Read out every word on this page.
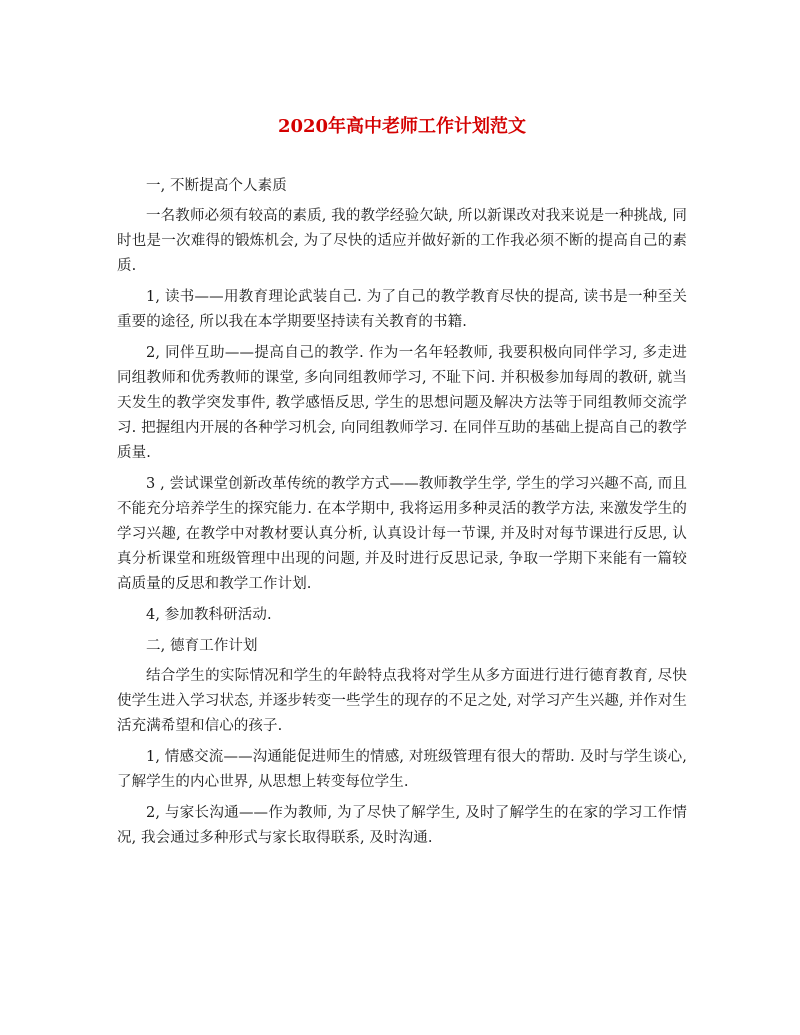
2020年高中老师工作计划范文

一, 不断提高个人素质

一名教师必须有较高的素质, 我的教学经验欠缺, 所以新课改对我来说是一种挑战, 同时也是一次难得的锻炼机会, 为了尽快的适应并做好新的工作我必须不断的提高自己的素质.

1, 读书——用教育理论武装自己. 为了自己的教学教育尽快的提高, 读书是一种至关重要的途径, 所以我在本学期要坚持读有关教育的书籍.

2, 同伴互助——提高自己的教学. 作为一名年轻教师, 我要积极向同伴学习, 多走进同组教师和优秀教师的课堂, 多向同组教师学习, 不耻下问. 并积极参加每周的教研, 就当天发生的教学突发事件, 教学感悟反思, 学生的思想问题及解决方法等于同组教师交流学习. 把握组内开展的各种学习机会, 向同组教师学习. 在同伴互助的基础上提高自己的教学质量.

3 , 尝试课堂创新改革传统的教学方式——教师教学生学, 学生的学习兴趣不高, 而且不能充分培养学生的探究能力. 在本学期中, 我将运用多种灵活的教学方法, 来激发学生的学习兴趣, 在教学中对教材要认真分析, 认真设计每一节课, 并及时对每节课进行反思, 认真分析课堂和班级管理中出现的问题, 并及时进行反思记录, 争取一学期下来能有一篇较高质量的反思和教学工作计划.

4, 参加教科研活动.

二, 德育工作计划

结合学生的实际情况和学生的年龄特点我将对学生从多方面进行进行德育教育, 尽快使学生进入学习状态, 并逐步转变一些学生的现存的不足之处, 对学习产生兴趣, 并作对生活充满希望和信心的孩子.

1, 情感交流——沟通能促进师生的情感, 对班级管理有很大的帮助. 及时与学生谈心, 了解学生的内心世界, 从思想上转变每位学生.

2, 与家长沟通——作为教师, 为了尽快了解学生, 及时了解学生的在家的学习工作情况, 我会通过多种形式与家长取得联系, 及时沟通.
